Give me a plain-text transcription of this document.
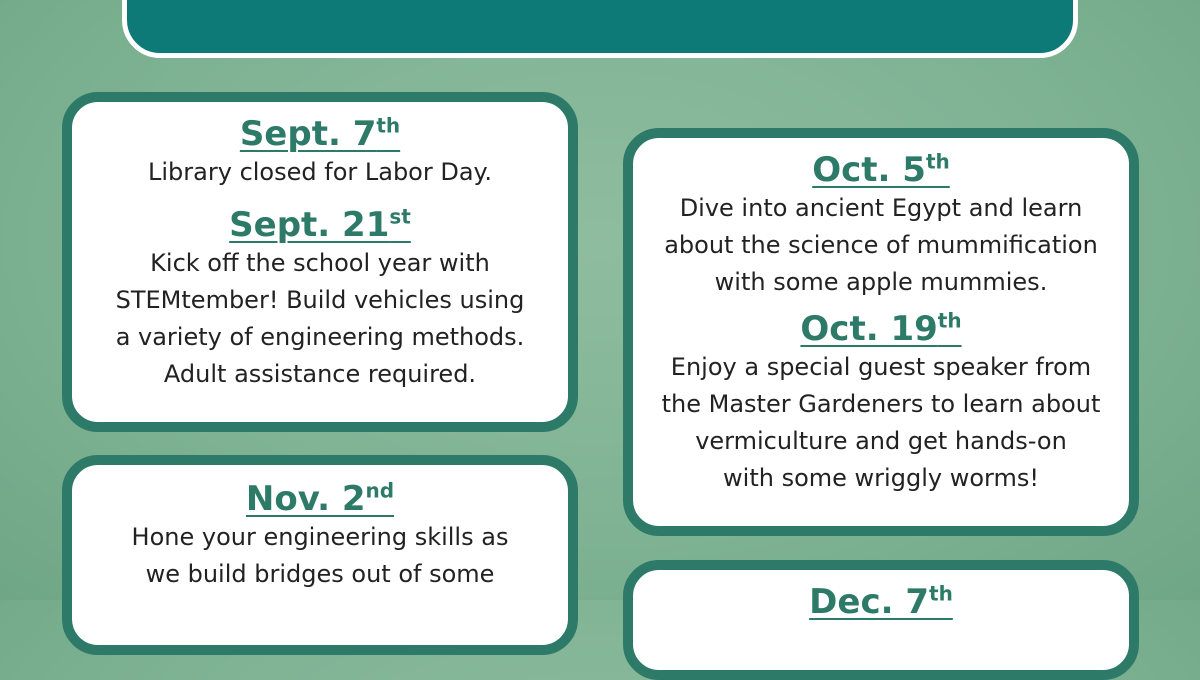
Sept. 7th
Library closed for Labor Day.
Sept. 21st
Kick off the school year with
STEMtember! Build vehicles using
a variety of engineering methods.
Adult assistance required.
Nov. 2nd
Hone your engineering skills as
we build bridges out of some
Oct. 5th
Dive into ancient Egypt and learn
about the science of mummification
with some apple mummies.
Oct. 19th
Enjoy a special guest speaker from
the Master Gardeners to learn about
vermiculture and get hands-on
with some wriggly worms!
Dec. 7th
